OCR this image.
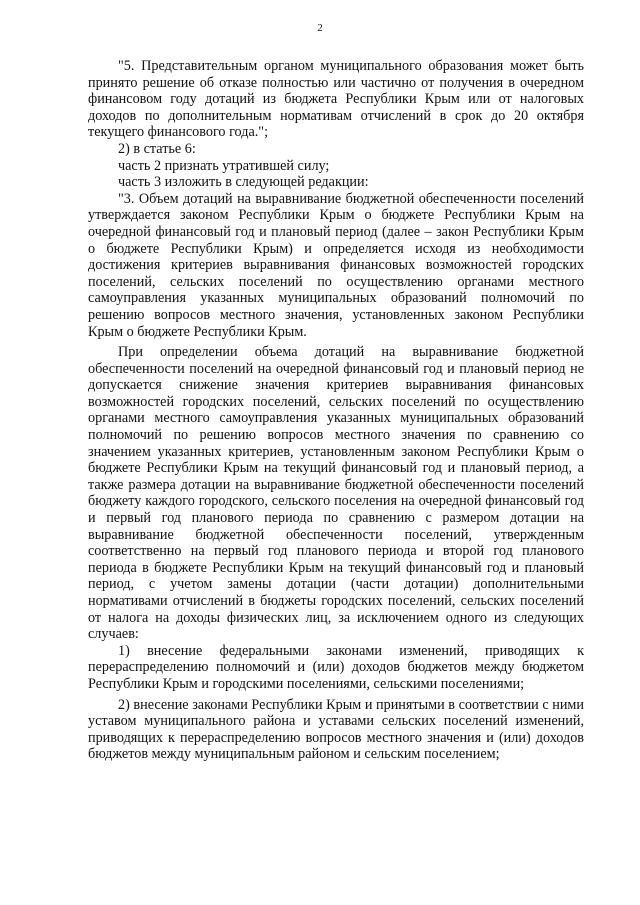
2

"5. Представительным органом муниципального образования может быть принято решение об отказе полностью или частично от получения в очередном финансовом году дотаций из бюджета Республики Крым или от налоговых доходов по дополнительным нормативам отчислений в срок до 20 октября текущего финансового года.";

2) в статье 6:

часть 2 признать утратившей силу;

часть 3 изложить в следующей редакции:

"3. Объем дотаций на выравнивание бюджетной обеспеченности поселений утверждается законом Республики Крым о бюджете Республики Крым на очередной финансовый год и плановый период (далее – закон Республики Крым о бюджете Республики Крым) и определяется исходя из необходимости достижения критериев выравнивания финансовых возможностей городских поселений, сельских поселений по осуществлению органами местного самоуправления указанных муниципальных образований полномочий по решению вопросов местного значения, установленных законом Республики Крым о бюджете Республики Крым.

При определении объема дотаций на выравнивание бюджетной обеспеченности поселений на очередной финансовый год и плановый период не допускается снижение значения критериев выравнивания финансовых возможностей городских поселений, сельских поселений по осуществлению органами местного самоуправления указанных муниципальных образований полномочий по решению вопросов местного значения по сравнению со значением указанных критериев, установленным законом Республики Крым о бюджете Республики Крым на текущий финансовый год и плановый период, а также размера дотации на выравнивание бюджетной обеспеченности поселений бюджету каждого городского, сельского поселения на очередной финансовый год и первый год планового периода по сравнению с размером дотации на выравнивание бюджетной обеспеченности поселений, утвержденным соответственно на первый год планового периода и второй год планового периода в бюджете Республики Крым на текущий финансовый год и плановый период, с учетом замены дотации (части дотации) дополнительными нормативами отчислений в бюджеты городских поселений, сельских поселений от налога на доходы физических лиц, за исключением одного из следующих случаев:

1) внесение федеральными законами изменений, приводящих к перераспределению полномочий и (или) доходов бюджетов между бюджетом Республики Крым и городскими поселениями, сельскими поселениями;

2) внесение законами Республики Крым и принятыми в соответствии с ними уставом муниципального района и уставами сельских поселений изменений, приводящих к перераспределению вопросов местного значения и (или) доходов бюджетов между муниципальным районом и сельским поселением;
